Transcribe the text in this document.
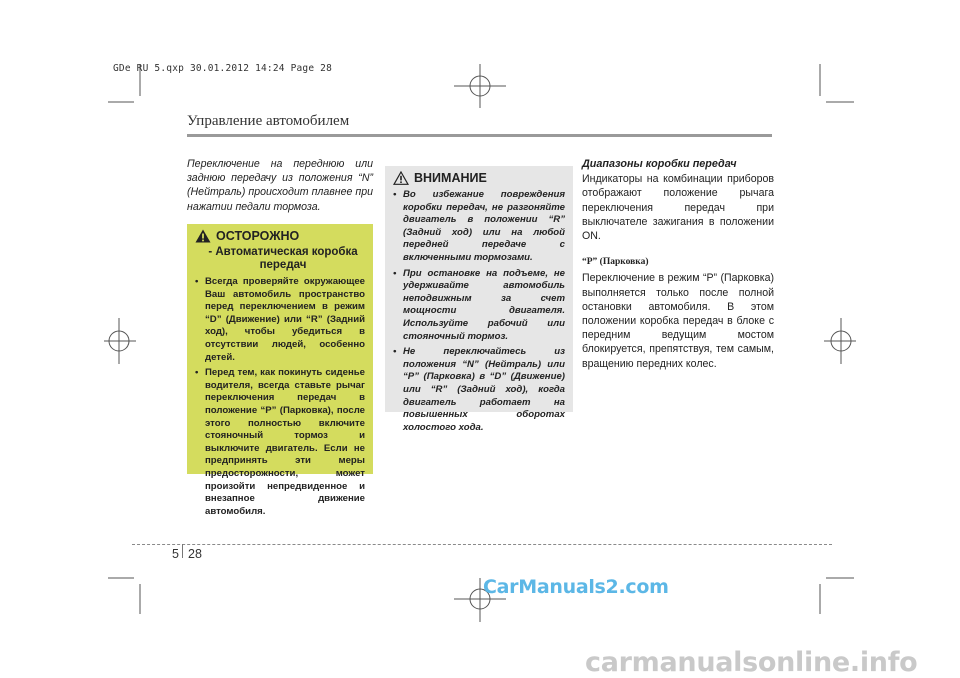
GDe RU 5.qxp 30.01.2012 14:24 Page 28
Управление автомобилем
Переключение на переднюю или заднюю передачу из положения “N” (Нейтраль) происходит плавнее при нажатии педали тормоза.
ОСТОРОЖНО
- Автоматическая коробка передач
• Всегда проверяйте окружающее Ваш автомобиль пространство перед переключением в режим “D” (Движение) или “R” (Задний ход), чтобы убедиться в отсутствии людей, особенно детей.
• Перед тем, как покинуть сиденье водителя, всегда ставьте рычаг переключения передач в положение “P” (Парковка), после этого полностью включите стояночный тормоз и выключите двигатель. Если не предпринять эти меры предосторожности, может произойти непредвиденное и внезапное движение автомобиля.
ВНИМАНИЕ
• Во избежание повреждения коробки передач, не разгоняйте двигатель в положении “R” (Задний ход) или на любой передней передаче с включенными тормозами.
• При остановке на подъеме, не удерживайте автомобиль неподвижным за счет мощности двигателя. Используйте рабочий или стояночный тормоз.
• Не переключайтесь из положения “N” (Нейтраль) или “P” (Парковка) в “D” (Движение) или “R” (Задний ход), когда двигатель работает на повышенных оборотах холостого хода.
Диапазоны коробки передач
Индикаторы на комбинации приборов отображают положение рычага переключения передач при выключателе зажигания в положении ON.
“P” (Парковка)
Переключение в режим “P” (Парковка) выполняется только после полной остановки автомобиля. В этом положении коробка передач в блоке с передним ведущим мостом блокируется, препятствуя, тем самым, вращению передних колес.
5 28
CarManuals2.com
carmanualsonline.info
